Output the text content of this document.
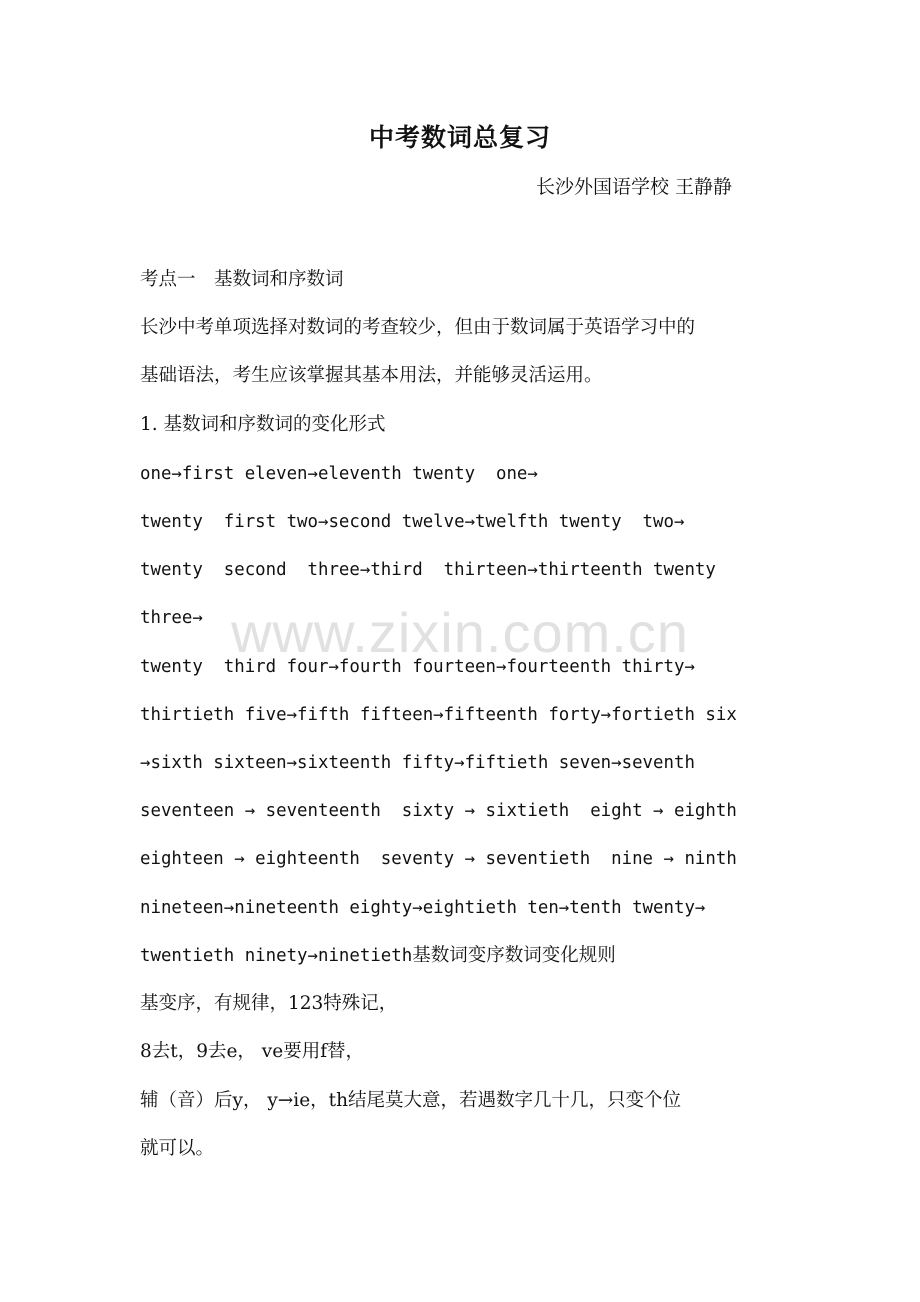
中考数词总复习
长沙外国语学校 王静静
www.zixin.com.cn
考点一　基数词和序数词
长沙中考单项选择对数词的考查较少，但由于数词属于英语学习中的
基础语法，考生应该掌握其基本用法，并能够灵活运用。
1. 基数词和序数词的变化形式
one→first eleven→eleventh twenty  one→
twenty  first two→second twelve→twelfth twenty  two→
twenty  second  three→third  thirteen→thirteenth twenty
three→
twenty  third four→fourth fourteen→fourteenth thirty→
thirtieth five→fifth fifteen→fifteenth forty→fortieth six
→sixth sixteen→sixteenth fifty→fiftieth seven→seventh
seventeen → seventeenth  sixty → sixtieth  eight → eighth
eighteen → eighteenth  seventy → seventieth  nine → ninth
nineteen→nineteenth eighty→eightieth ten→tenth twenty→
twentieth ninety→ninetieth基数词变序数词变化规则
基变序，有规律，123特殊记，
8去t，9去e， ve要用f替，
辅（音）后y， y→ie，th结尾莫大意，若遇数字几十几，只变个位
就可以。
